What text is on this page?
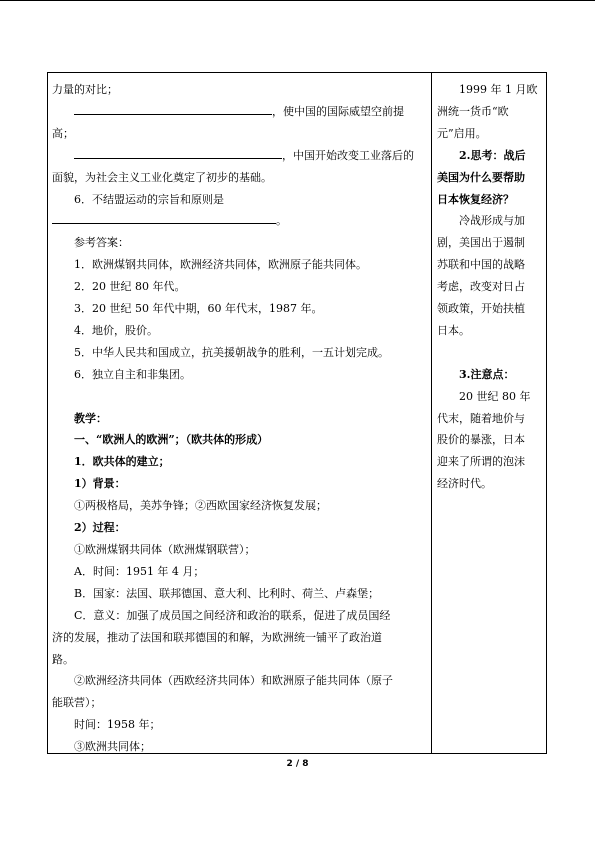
力量的对比；

，使中国的国际威望空前提

高；

，中国开始改变工业落后的

面貌，为社会主义工业化奠定了初步的基础。

6．不结盟运动的宗旨和原则是

。

参考答案：

1．欧洲煤钢共同体，欧洲经济共同体，欧洲原子能共同体。

2．20 世纪 80 年代。

3．20 世纪 50 年代中期，60 年代末，1987 年。

4．地价，股价。

5．中华人民共和国成立，抗美援朝战争的胜利，一五计划完成。

6．独立自主和非集团。

教学：

一、“欧洲人的欧洲”；（欧共体的形成）

1．欧共体的建立；

1）背景：

①两极格局，美苏争锋；②西欧国家经济恢复发展；

2）过程：

①欧洲煤钢共同体（欧洲煤钢联营）；

A．时间：1951 年 4 月；

B．国家：法国、联邦德国、意大利、比利时、荷兰、卢森堡；

C．意义：加强了成员国之间经济和政治的联系，促进了成员国经

济的发展，推动了法国和联邦德国的和解，为欧洲统一铺平了政治道

路。

②欧洲经济共同体（西欧经济共同体）和欧洲原子能共同体（原子

能联营）；

时间：1958 年；

③欧洲共同体；

1999 年 1 月欧

洲统一货币“欧

元”启用。

2.思考：战后

美国为什么要帮助

日本恢复经济？

冷战形成与加

剧，美国出于遏制

苏联和中国的战略

考虑，改变对日占

领政策，开始扶植

日本。

3.注意点：

20 世纪 80 年

代末，随着地价与

股价的暴涨，日本

迎来了所谓的泡沫

经济时代。

2 / 8
